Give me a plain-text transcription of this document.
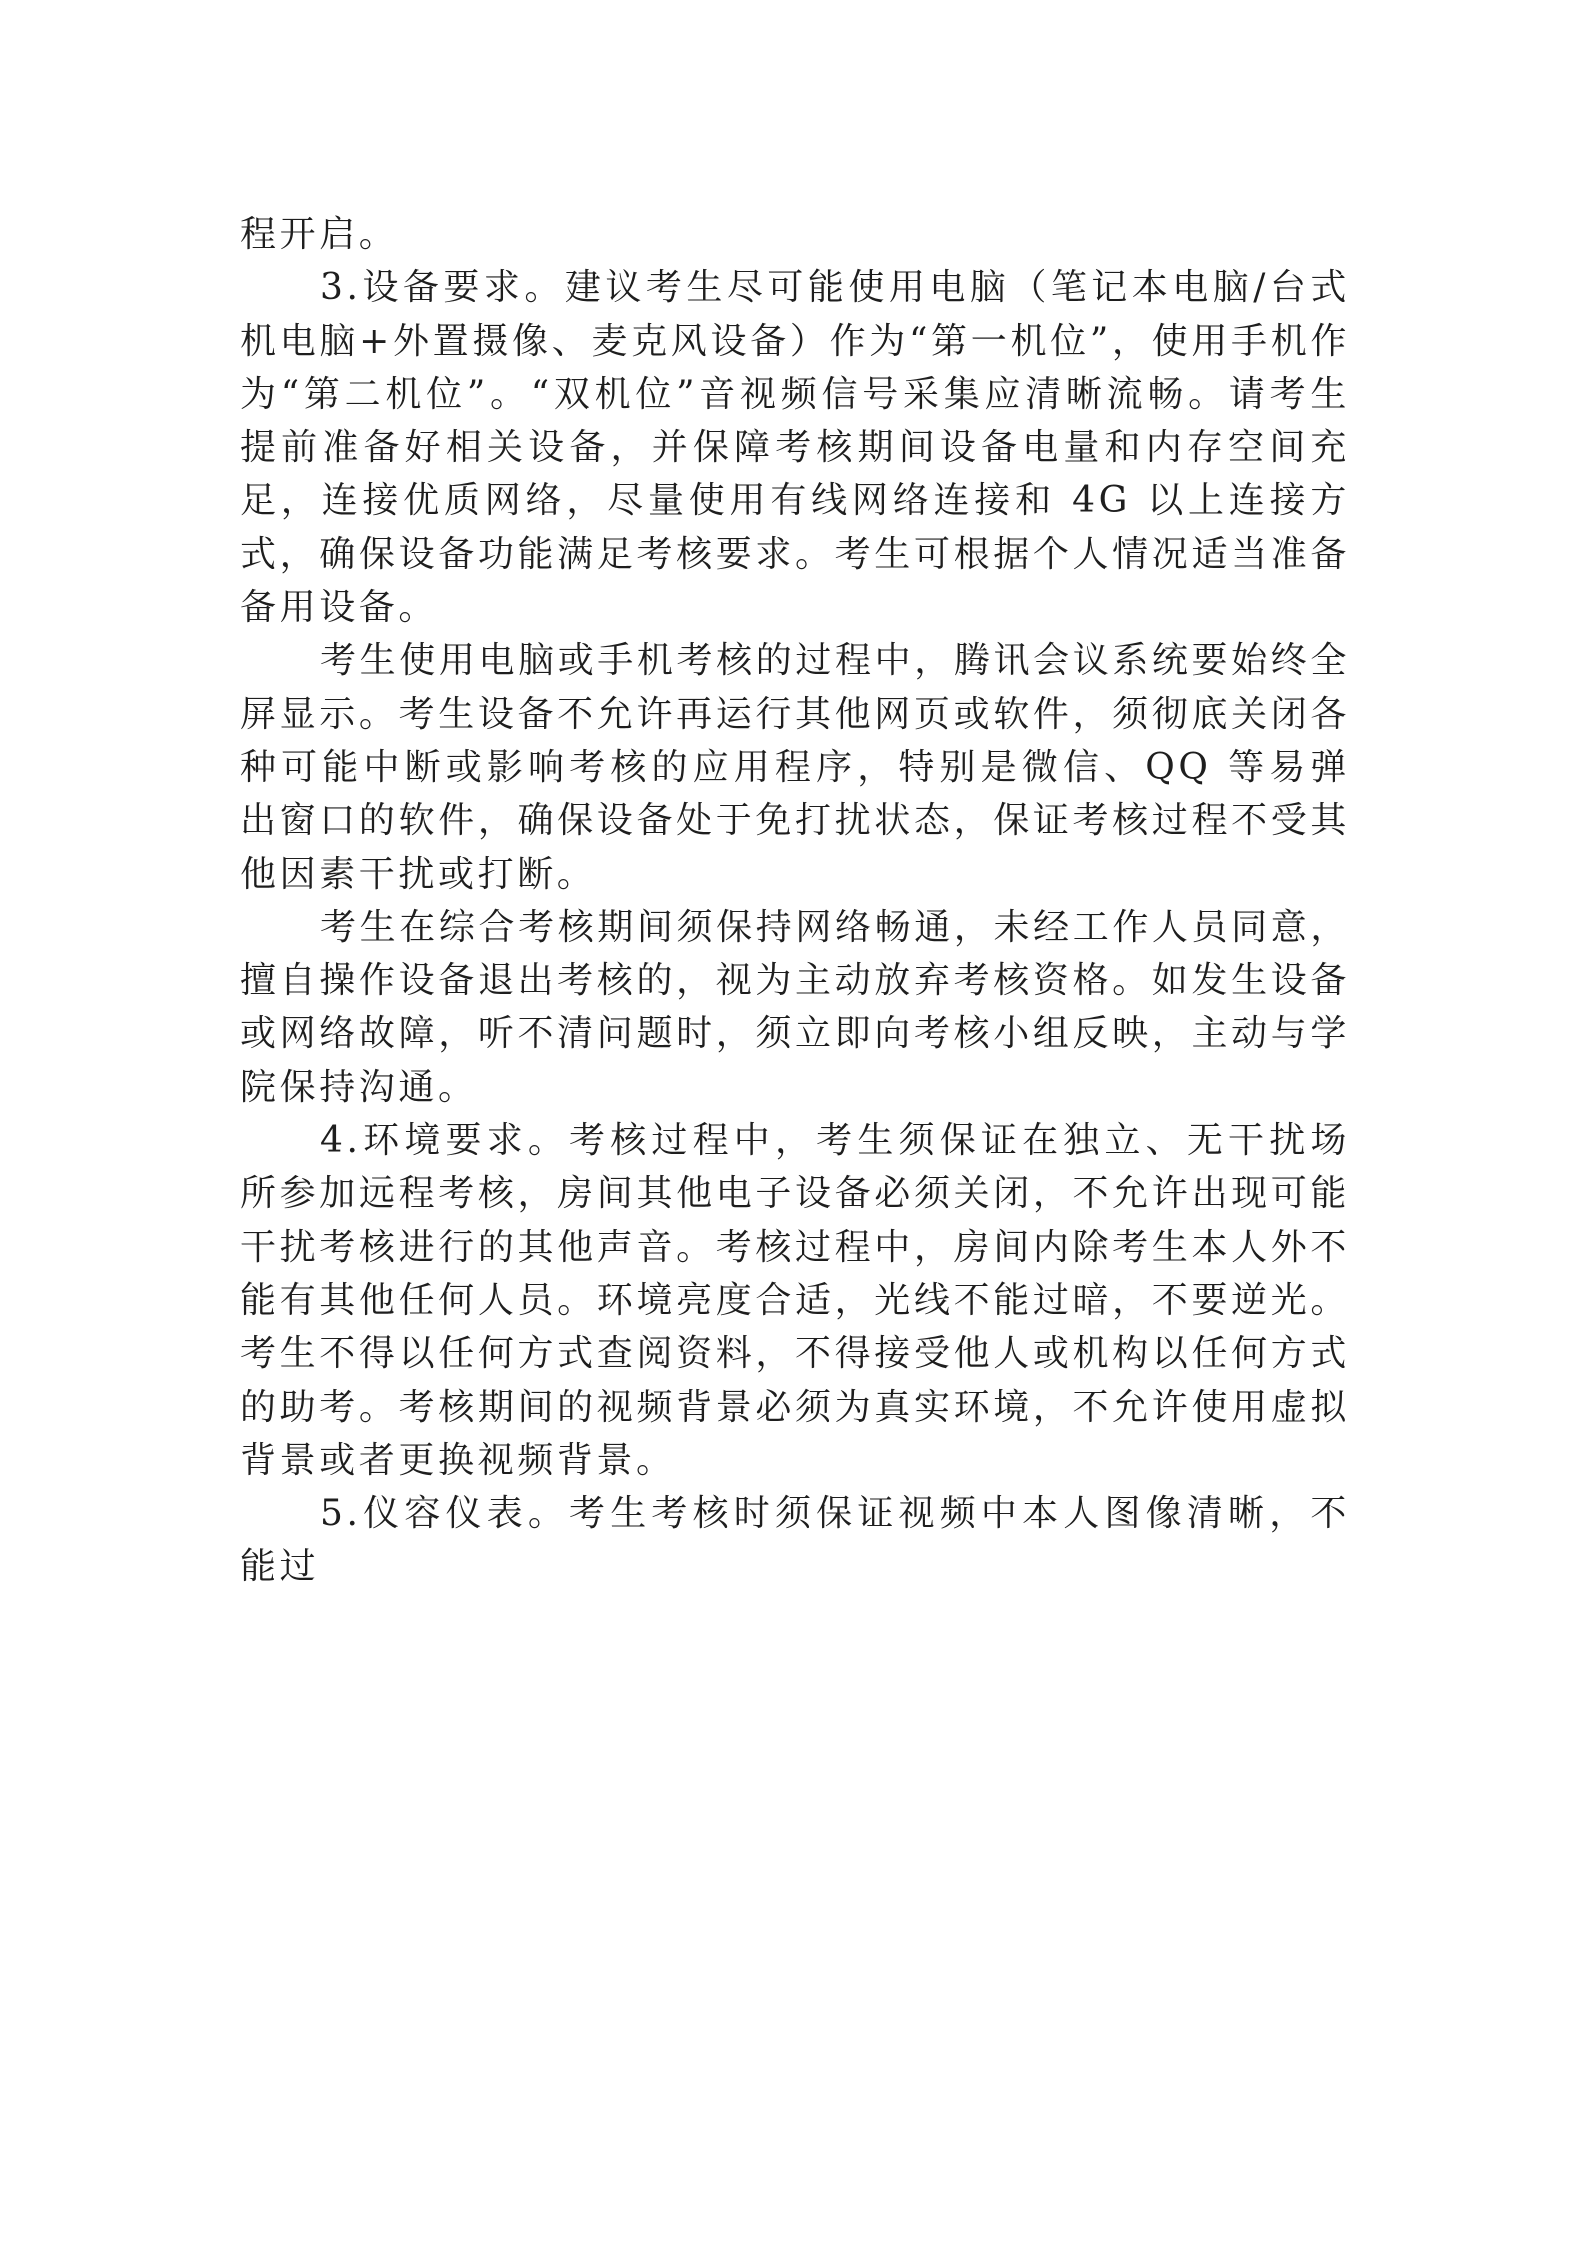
程开启。

3.设备要求。建议考生尽可能使用电脑（笔记本电脑/台式机电脑+外置摄像、麦克风设备）作为“第一机位”，使用手机作为“第二机位”。“双机位”音视频信号采集应清晰流畅。请考生提前准备好相关设备，并保障考核期间设备电量和内存空间充足，连接优质网络，尽量使用有线网络连接和 4G 以上连接方式，确保设备功能满足考核要求。考生可根据个人情况适当准备备用设备。

考生使用电脑或手机考核的过程中，腾讯会议系统要始终全屏显示。考生设备不允许再运行其他网页或软件，须彻底关闭各种可能中断或影响考核的应用程序，特别是微信、QQ 等易弹出窗口的软件，确保设备处于免打扰状态，保证考核过程不受其他因素干扰或打断。

考生在综合考核期间须保持网络畅通，未经工作人员同意，擅自操作设备退出考核的，视为主动放弃考核资格。如发生设备或网络故障，听不清问题时，须立即向考核小组反映，主动与学院保持沟通。

4.环境要求。考核过程中，考生须保证在独立、无干扰场所参加远程考核，房间其他电子设备必须关闭，不允许出现可能干扰考核进行的其他声音。考核过程中，房间内除考生本人外不能有其他任何人员。环境亮度合适，光线不能过暗，不要逆光。考生不得以任何方式查阅资料，不得接受他人或机构以任何方式的助考。考核期间的视频背景必须为真实环境，不允许使用虚拟背景或者更换视频背景。

5.仪容仪表。考生考核时须保证视频中本人图像清晰，不能过
